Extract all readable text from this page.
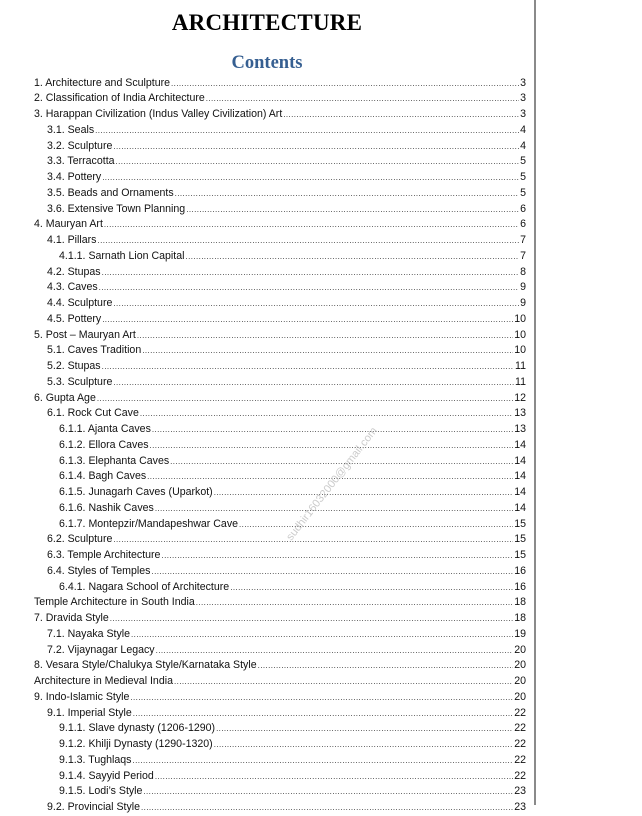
ARCHITECTURE
Contents
1. Architecture and Sculpture .....	3
2. Classification of India Architecture .....	3
3. Harappan Civilization (Indus Valley Civilization) Art .....	3
3.1. Seals .....	4
3.2. Sculpture .....	4
3.3. Terracotta .....	5
3.4. Pottery .....	5
3.5. Beads and Ornaments .....	5
3.6. Extensive Town Planning .....	6
4. Mauryan Art .....	6
4.1. Pillars .....	7
4.1.1. Sarnath Lion Capital .....	7
4.2. Stupas .....	8
4.3. Caves .....	9
4.4. Sculpture .....	9
4.5. Pottery .....	10
5. Post – Mauryan Art .....	10
5.1. Caves Tradition .....	10
5.2. Stupas .....	11
5.3. Sculpture .....	11
6. Gupta Age .....	12
6.1. Rock Cut Cave .....	13
6.1.1. Ajanta Caves .....	13
6.1.2. Ellora Caves .....	14
6.1.3. Elephanta Caves .....	14
6.1.4. Bagh Caves .....	14
6.1.5. Junagarh Caves (Uparkot) .....	14
6.1.6. Nashik Caves .....	14
6.1.7. Montepzir/Mandapeshwar Cave .....	15
6.2. Sculpture .....	15
6.3. Temple Architecture .....	15
6.4. Styles of Temples .....	16
6.4.1. Nagara School of Architecture .....	16
Temple Architecture in South India .....	18
7. Dravida Style .....	18
7.1. Nayaka Style .....	19
7.2. Vijaynagar Legacy .....	20
8. Vesara Style/Chalukya Style/Karnataka Style .....	20
Architecture in Medieval India .....	20
9. Indo-Islamic Style .....	20
9.1. Imperial Style .....	22
9.1.1. Slave dynasty (1206-1290) .....	22
9.1.2. Khilji Dynasty (1290-1320) .....	22
9.1.3. Tughlaqs .....	22
9.1.4. Sayyid Period .....	22
9.1.5. Lodi’s Style .....	23
9.2. Provincial Style .....	23
sudhir16032000@gmail.com
